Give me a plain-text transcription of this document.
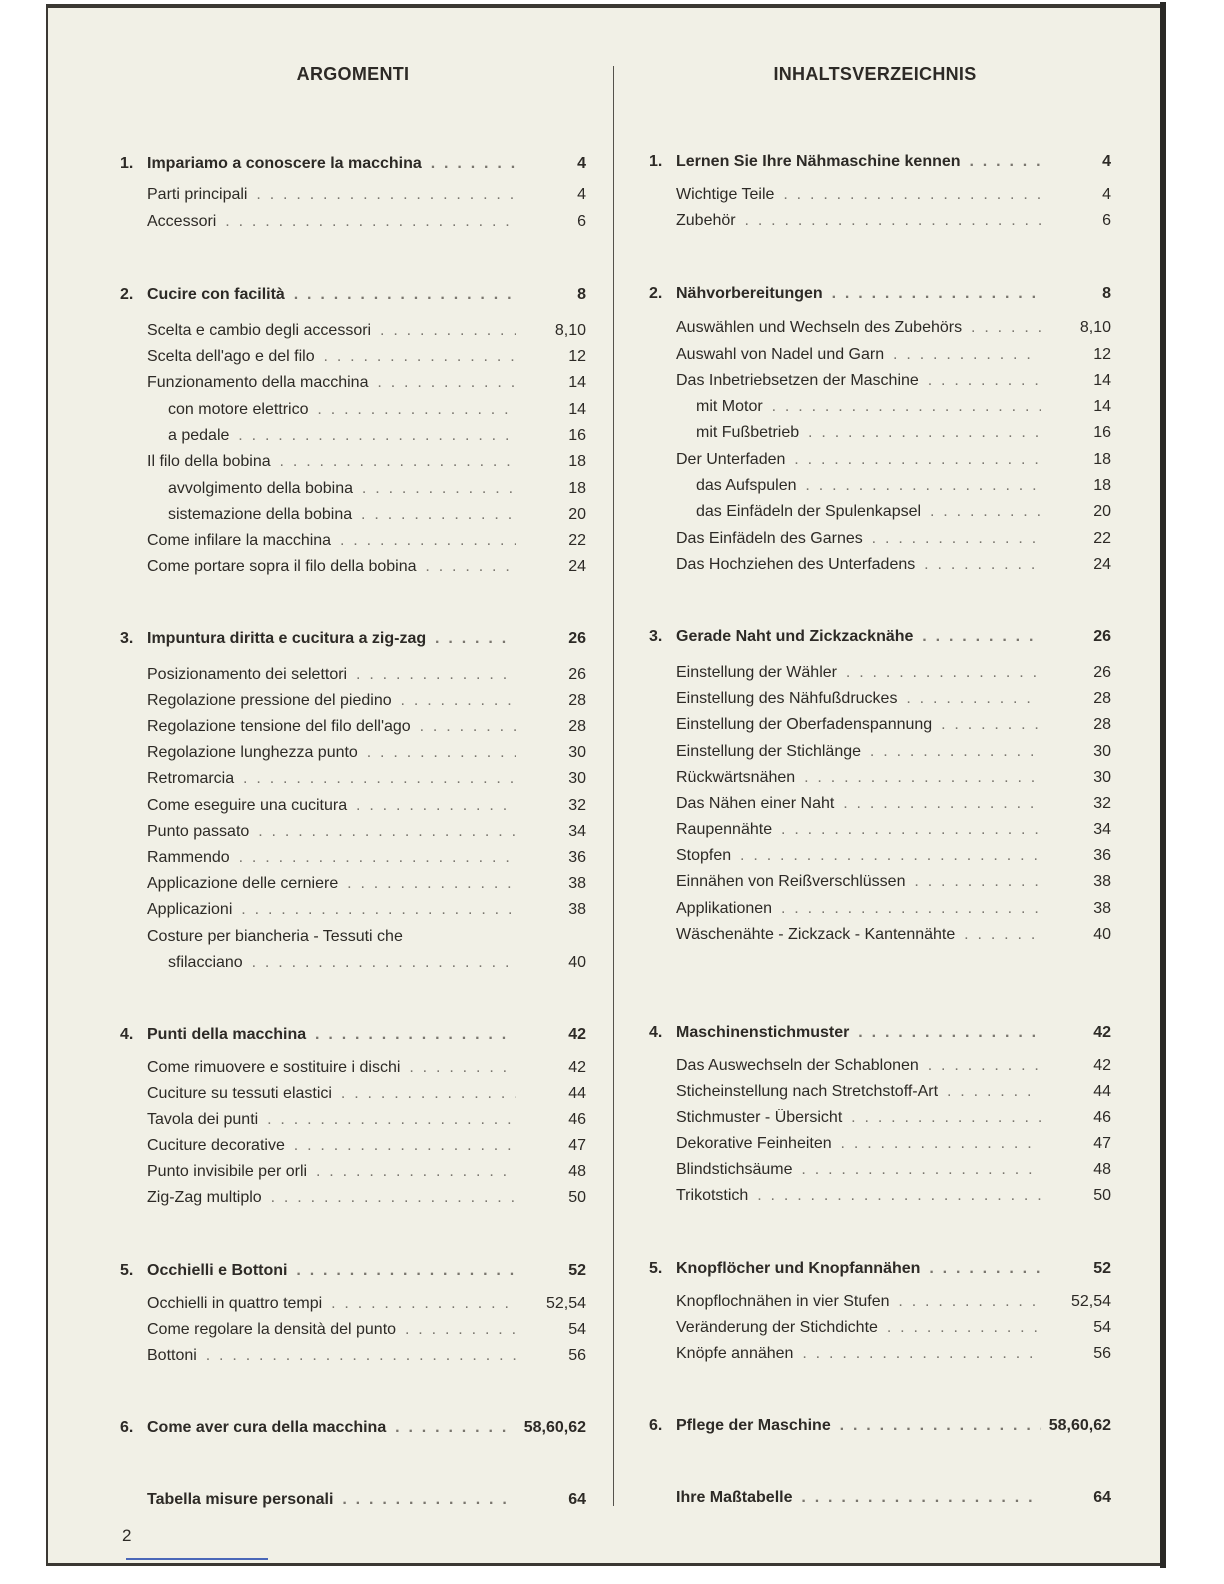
ARGOMENTI	INHALTSVERZEICHNIS
1. Impariamo a conoscere la macchina . .	4
Parti principali . .	4
Accessori . .	6
2. Cucire con facilità . .	8
Scelta e cambio degli accessori . .	8,10
Scelta dell'ago e del filo . .	12
Funzionamento della macchina . .	14
con motore elettrico . .	14
a pedale . .	16
Il filo della bobina . .	18
avvolgimento della bobina . .	18
sistemazione della bobina . .	20
Come infilare la macchina . .	22
Come portare sopra il filo della bobina . .	24
3. Impuntura diritta e cucitura a zig-zag . .	26
Posizionamento dei selettori . .	26
Regolazione pressione del piedino . .	28
Regolazione tensione del filo dell'ago . .	28
Regolazione lunghezza punto . .	30
Retromarcia . .	30
Come eseguire una cucitura . .	32
Punto passato . .	34
Rammendo . .	36
Applicazione delle cerniere . .	38
Applicazioni . .	38
Costure per biancheria - Tessuti che
sfilacciano . .	40
4. Punti della macchina . .	42
Come rimuovere e sostituire i dischi . .	42
Cuciture su tessuti elastici . .	44
Tavola dei punti . .	46
Cuciture decorative . .	47
Punto invisibile per orli . .	48
Zig-Zag multiplo . .	50
5. Occhielli e Bottoni . .	52
Occhielli in quattro tempi . .	52,54
Come regolare la densità del punto . .	54
Bottoni . .	56
6. Come aver cura della macchina . .	58,60,62
Tabella misure personali . .	64
1. Lernen Sie Ihre Nähmaschine kennen . .	4
Wichtige Teile . .	4
Zubehör . .	6
2. Nähvorbereitungen . .	8
Auswählen und Wechseln des Zubehörs . .	8,10
Auswahl von Nadel und Garn . .	12
Das Inbetriebsetzen der Maschine . .	14
mit Motor . .	14
mit Fußbetrieb . .	16
Der Unterfaden . .	18
das Aufspulen . .	18
das Einfädeln der Spulenkapsel . .	20
Das Einfädeln des Garnes . .	22
Das Hochziehen des Unterfadens . .	24
3. Gerade Naht und Zickzacknähe . .	26
Einstellung der Wähler . .	26
Einstellung des Nähfußdruckes . .	28
Einstellung der Oberfadenspannung . .	28
Einstellung der Stichlänge . .	30
Rückwärtsnähen . .	30
Das Nähen einer Naht . .	32
Raupennähte . .	34
Stopfen . .	36
Einnähen von Reißverschlüssen . .	38
Applikationen . .	38
Wäschenähte - Zickzack - Kantennähte . .	40
4. Maschinenstichmuster . .	42
Das Auswechseln der Schablonen . .	42
Sticheinstellung nach Stretchstoff-Art . .	44
Stichmuster - Übersicht . .	46
Dekorative Feinheiten . .	47
Blindstichsäume . .	48
Trikotstich . .	50
5. Knopflöcher und Knopfannähen . .	52
Knopflochnähen in vier Stufen . .	52,54
Veränderung der Stichdichte . .	54
Knöpfe annähen . .	56
6. Pflege der Maschine . .	58,60,62
Ihre Maßtabelle . .	64
2
